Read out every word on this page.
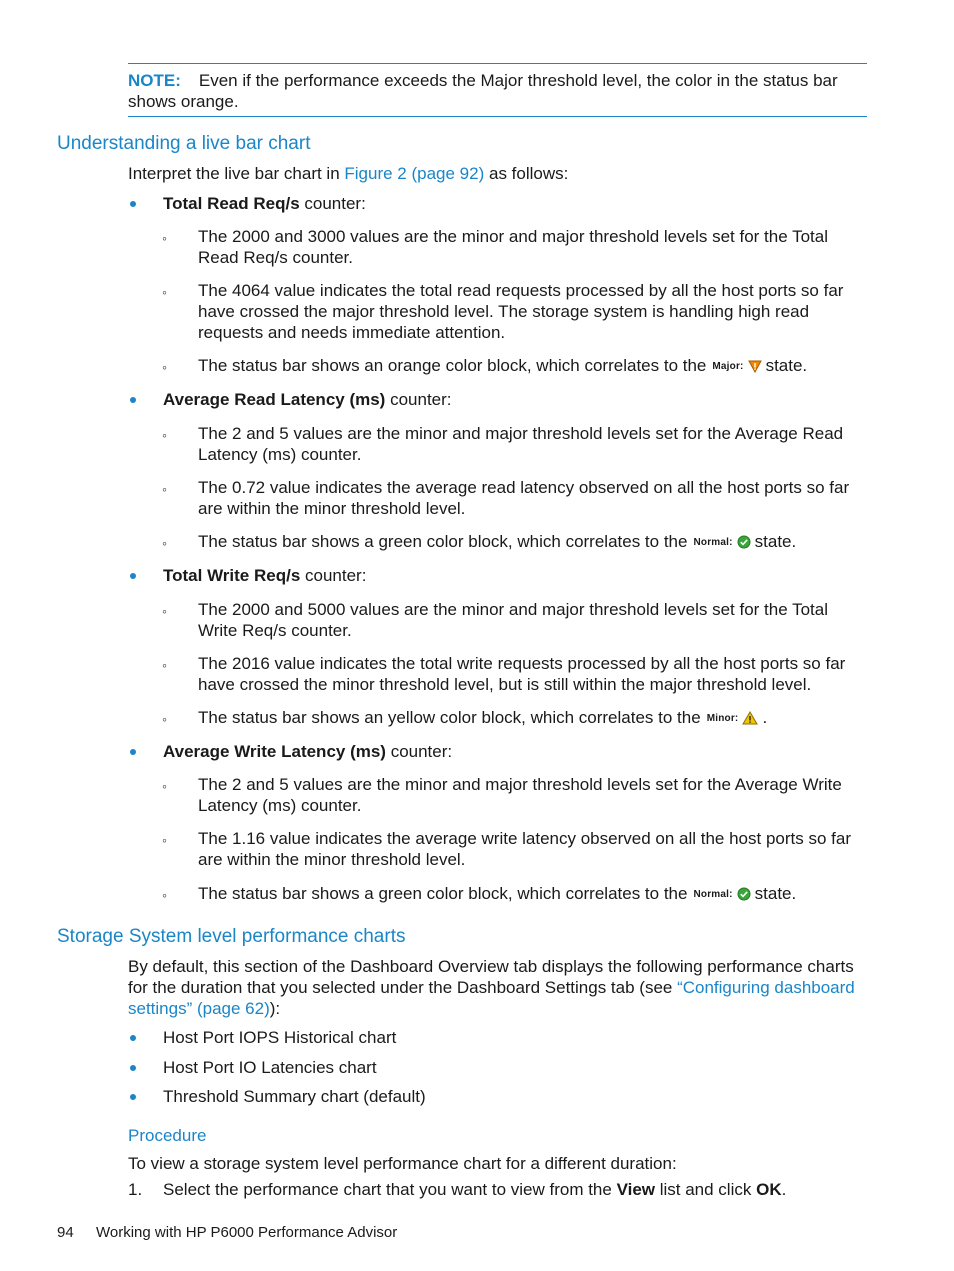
NOTE: Even if the performance exceeds the Major threshold level, the color in the status bar shows orange.
Understanding a live bar chart
Interpret the live bar chart in Figure 2 (page 92) as follows:
Total Read Req/s counter:
◦ The 2000 and 3000 values are the minor and major threshold levels set for the Total Read Req/s counter.
◦ The 4064 value indicates the total read requests processed by all the host ports so far have crossed the major threshold level. The storage system is handling high read requests and needs immediate attention.
◦ The status bar shows an orange color block, which correlates to the Major: state.
Average Read Latency (ms) counter:
◦ The 2 and 5 values are the minor and major threshold levels set for the Average Read Latency (ms) counter.
◦ The 0.72 value indicates the average read latency observed on all the host ports so far are within the minor threshold level.
◦ The status bar shows a green color block, which correlates to the Normal: state.
Total Write Req/s counter:
◦ The 2000 and 5000 values are the minor and major threshold levels set for the Total Write Req/s counter.
◦ The 2016 value indicates the total write requests processed by all the host ports so far have crossed the minor threshold level, but is still within the major threshold level.
◦ The status bar shows an yellow color block, which correlates to the Minor: .
Average Write Latency (ms) counter:
◦ The 2 and 5 values are the minor and major threshold levels set for the Average Write Latency (ms) counter.
◦ The 1.16 value indicates the average write latency observed on all the host ports so far are within the minor threshold level.
◦ The status bar shows a green color block, which correlates to the Normal: state.
Storage System level performance charts
By default, this section of the Dashboard Overview tab displays the following performance charts for the duration that you selected under the Dashboard Settings tab (see “Configuring dashboard settings” (page 62)):
Host Port IOPS Historical chart
Host Port IO Latencies chart
Threshold Summary chart (default)
Procedure
To view a storage system level performance chart for a different duration:
1. Select the performance chart that you want to view from the View list and click OK.
94 Working with HP P6000 Performance Advisor
